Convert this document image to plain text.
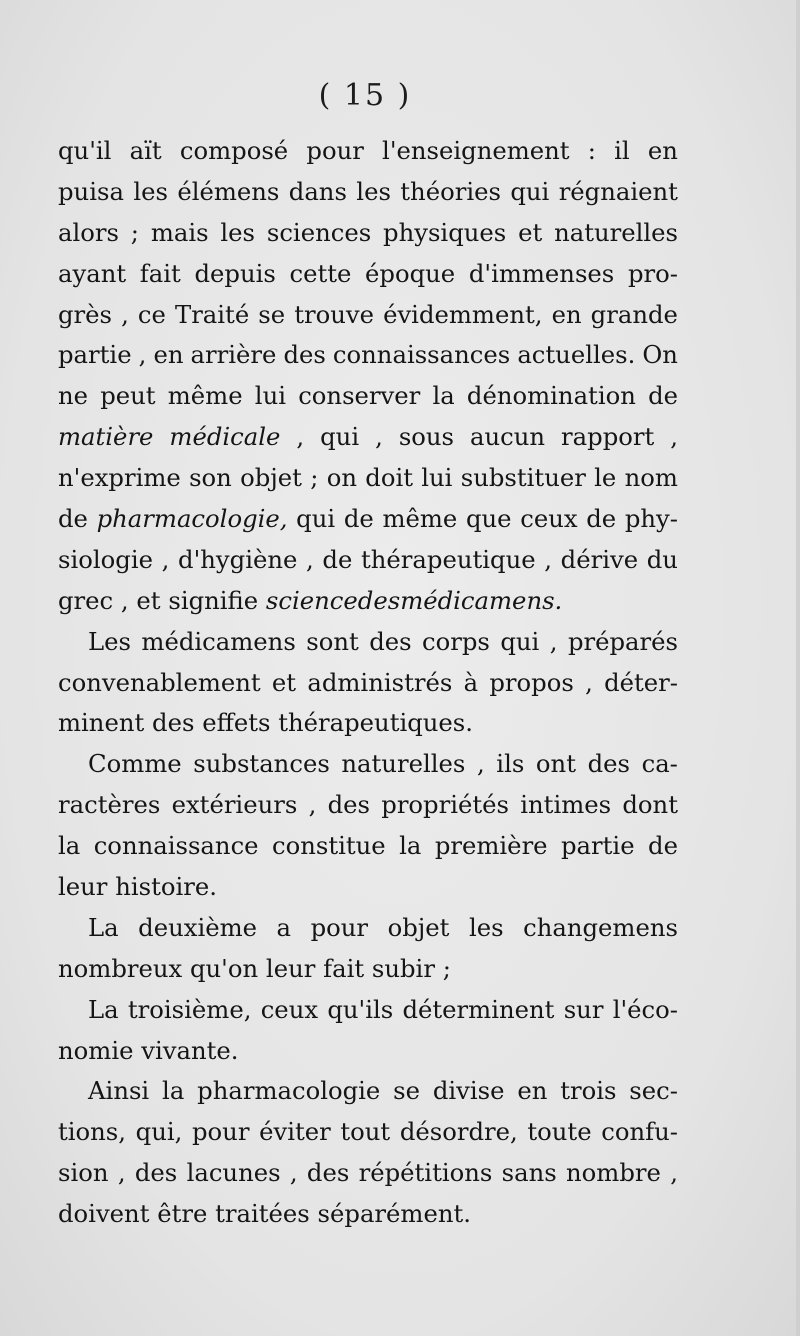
( 15 )
qu'il aït composé pour l'enseignement : il en
puisa les élémens dans les théories qui régnaient
alors ; mais les sciences physiques et naturelles
ayant fait depuis cette époque d'immenses pro-
grès , ce Traité se trouve évidemment, en grande
partie , en arrière des connaissances actuelles. On
ne peut même lui conserver la dénomination de
matière médicale , qui , sous aucun rapport ,
n'exprime son objet ; on doit lui substituer le nom
de pharmacologie, qui de même que ceux de phy-
siologie , d'hygiène , de thérapeutique , dérive du
grec , et signifie science des médicamens.
Les médicamens sont des corps qui , préparés
convenablement et administrés à propos , déter-
minent des effets thérapeutiques.
Comme substances naturelles , ils ont des ca-
ractères extérieurs , des propriétés intimes dont
la connaissance constitue la première partie de
leur histoire.
La deuxième a pour objet les changemens
nombreux qu'on leur fait subir ;
La troisième, ceux qu'ils déterminent sur l'éco-
nomie vivante.
Ainsi la pharmacologie se divise en trois sec-
tions, qui, pour éviter tout désordre, toute confu-
sion , des lacunes , des répétitions sans nombre ,
doivent être traitées séparément.
